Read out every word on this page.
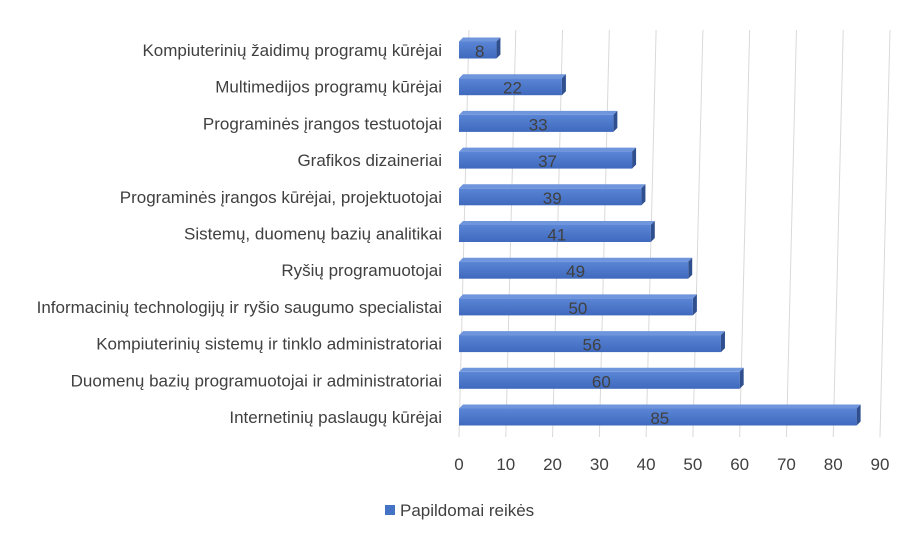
8
22
33
37
39
41
49
50
56
60
85
Kompiuterinių žaidimų programų kūrėjai
Multimedijos programų kūrėjai
Programinės įrangos testuotojai
Grafikos dizaineriai
Programinės įrangos kūrėjai, projektuotojai
Sistemų, duomenų bazių analitikai
Ryšių programuotojai
Informacinių technologijų ir ryšio saugumo specialistai
Kompiuterinių sistemų ir tinklo administratoriai
Duomenų bazių programuotojai ir administratoriai
Internetinių paslaugų kūrėjai
0 10 20 30 40 50 60 70 80 90
Papildomai reikės
